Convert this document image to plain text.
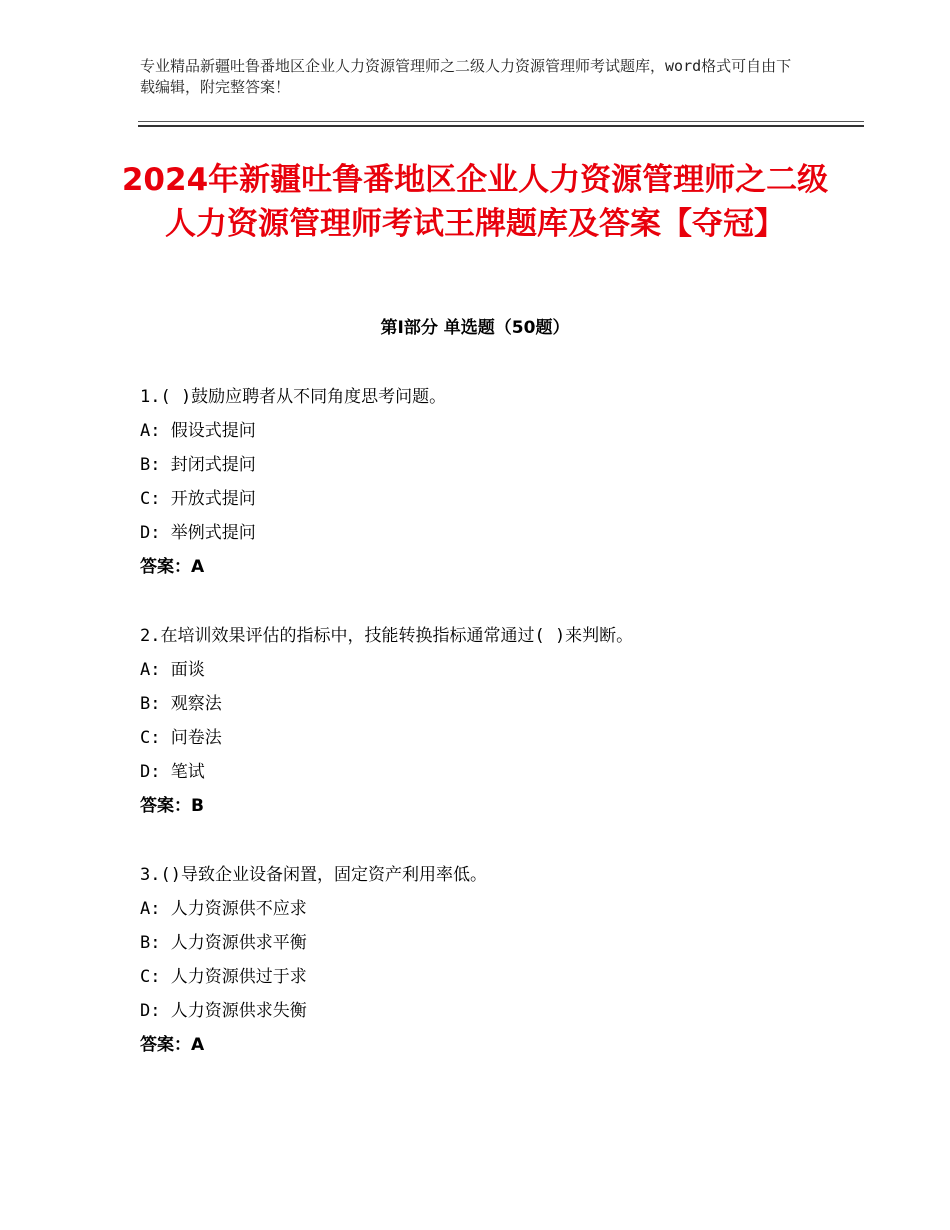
专业精品新疆吐鲁番地区企业人力资源管理师之二级人力资源管理师考试题库，word格式可自由下载编辑，附完整答案！
2024年新疆吐鲁番地区企业人力资源管理师之二级人力资源管理师考试王牌题库及答案【夺冠】
第Ⅰ部分 单选题（50题）
1.( )鼓励应聘者从不同角度思考问题。
A: 假设式提问
B: 封闭式提问
C: 开放式提问
D: 举例式提问
答案：A
2.在培训效果评估的指标中，技能转换指标通常通过( )来判断。
A: 面谈
B: 观察法
C: 问卷法
D: 笔试
答案：B
3.()导致企业设备闲置，固定资产利用率低。
A: 人力资源供不应求
B: 人力资源供求平衡
C: 人力资源供过于求
D: 人力资源供求失衡
答案：A
